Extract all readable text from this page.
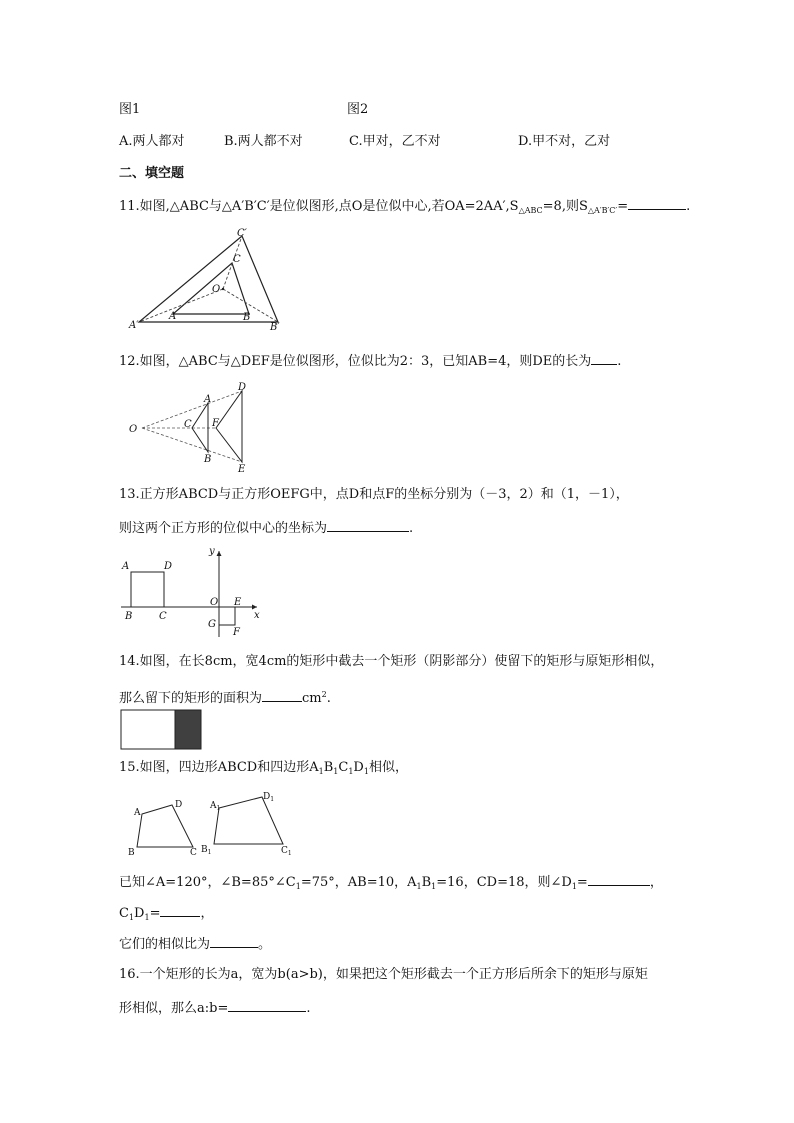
图1	图2
A.两人都对	B.两人都不对	C.甲对，乙不对	D.甲不对，乙对
二、填空题
11.如图,△ABC与△A′B′C′是位似图形,点O是位似中心,若$OA=2AA',S_{\triangle ABC}=8$,则$S_{\triangle A'B'C'}=$	.
A′
A	B
B′
C
C′
O
12.如图，△ABC与△DEF是位似图形，位似比为2：3，已知AB=4，则DE的长为 .
O
A
B
C
D
E
F
13.正方形ABCD与正方形OEFG中，点D和点F的坐标分别为（－3，2）和（1，－1），
则这两个正方形的位似中心的坐标为	.
x
y
A	D
B	C
O E
G
F
14.如图，在长8cm，宽4cm的矩形中截去一个矩形（阴影部分）使留下的矩形与原矩形相似，
那么留下的矩形的面积为	$cm^2$.
15.如图，四边形ABCD和四边形$A_1B_1C_1D_1$相似，
A
D
B	C
$A_1$
$D_1$
$B_1$	$C_1$
已知∠A=120°，$\angle B=85^\circ\angle C_1=75^\circ$，AB=10，$A_1B_1=16$，CD=18，则$\angle D_1=$	，
$C_1D_1=$	，
它们的相似比为	。
16.一个矩形的长为a，宽为b(a>b)，如果把这个矩形截去一个正方形后所余下的矩形与原矩
形相似，那么a:b=	.
